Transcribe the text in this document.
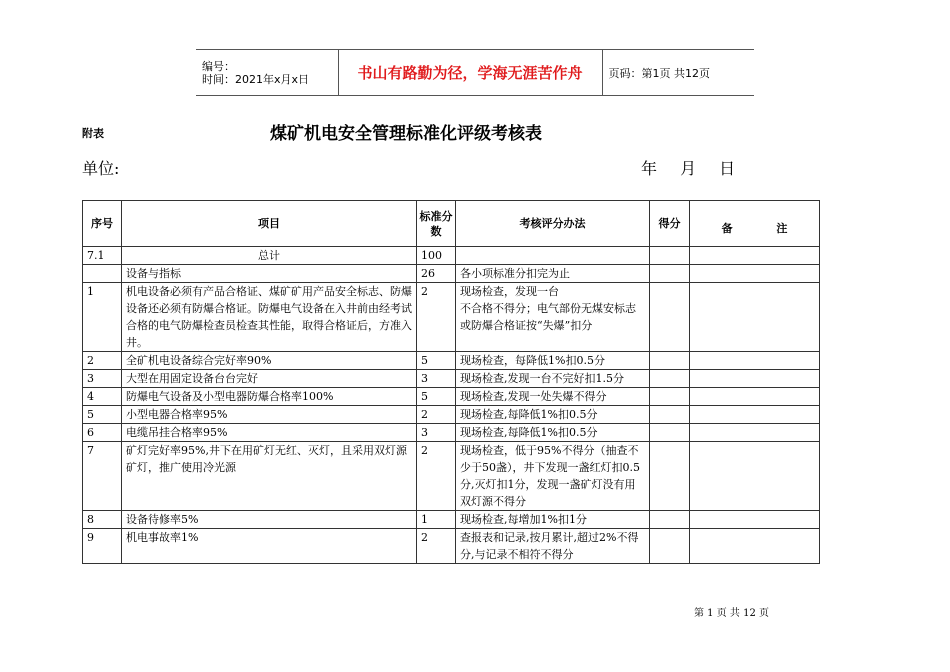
编号：
时间：2021年x月x日	书山有路勤为径，学海无涯苦作舟	页码：第1页 共12页
附表	煤矿机电安全管理标准化评级考核表
单位:	年 月 日
序号	项目	标准分数	考核评分办法	得分	备 注
7.1	总计	100			
	设备与指标	26	各小项标准分扣完为止		
1	机电设备必须有产品合格证、煤矿矿用产品安全标志、防爆设备还必须有防爆合格证。防爆电气设备在入井前由经考试合格的电气防爆检查员检查其性能，取得合格证后，方准入井。	2	现场检查，发现一台
不合格不得分；电气部份无煤安标志或防爆合格证按“失爆”扣分		
2	全矿机电设备综合完好率90%	5	现场检查，每降低1%扣0.5分		
3	大型在用固定设备台台完好	3	现场检查,发现一台不完好扣1.5分		
4	防爆电气设备及小型电器防爆合格率100%	5	现场检查,发现一处失爆不得分		
5	小型电器合格率95%	2	现场检查,每降低1%扣0.5分		
6	电缆吊挂合格率95%	3	现场检查,每降低1%扣0.5分		
7	矿灯完好率95%,井下在用矿灯无红、灭灯，且采用双灯源矿灯，推广使用冷光源	2	现场检查，低于95%不得分（抽查不少于50盏），井下发现一盏红灯扣0.5分,灭灯扣1分，发现一盏矿灯没有用双灯源不得分		
8	设备待修率5%	1	现场检查,每增加1%扣1分		
9	机电事故率1%	2	查报表和记录,按月累计,超过2%不得分,与记录不相符不得分		
第 1 页 共 12 页
